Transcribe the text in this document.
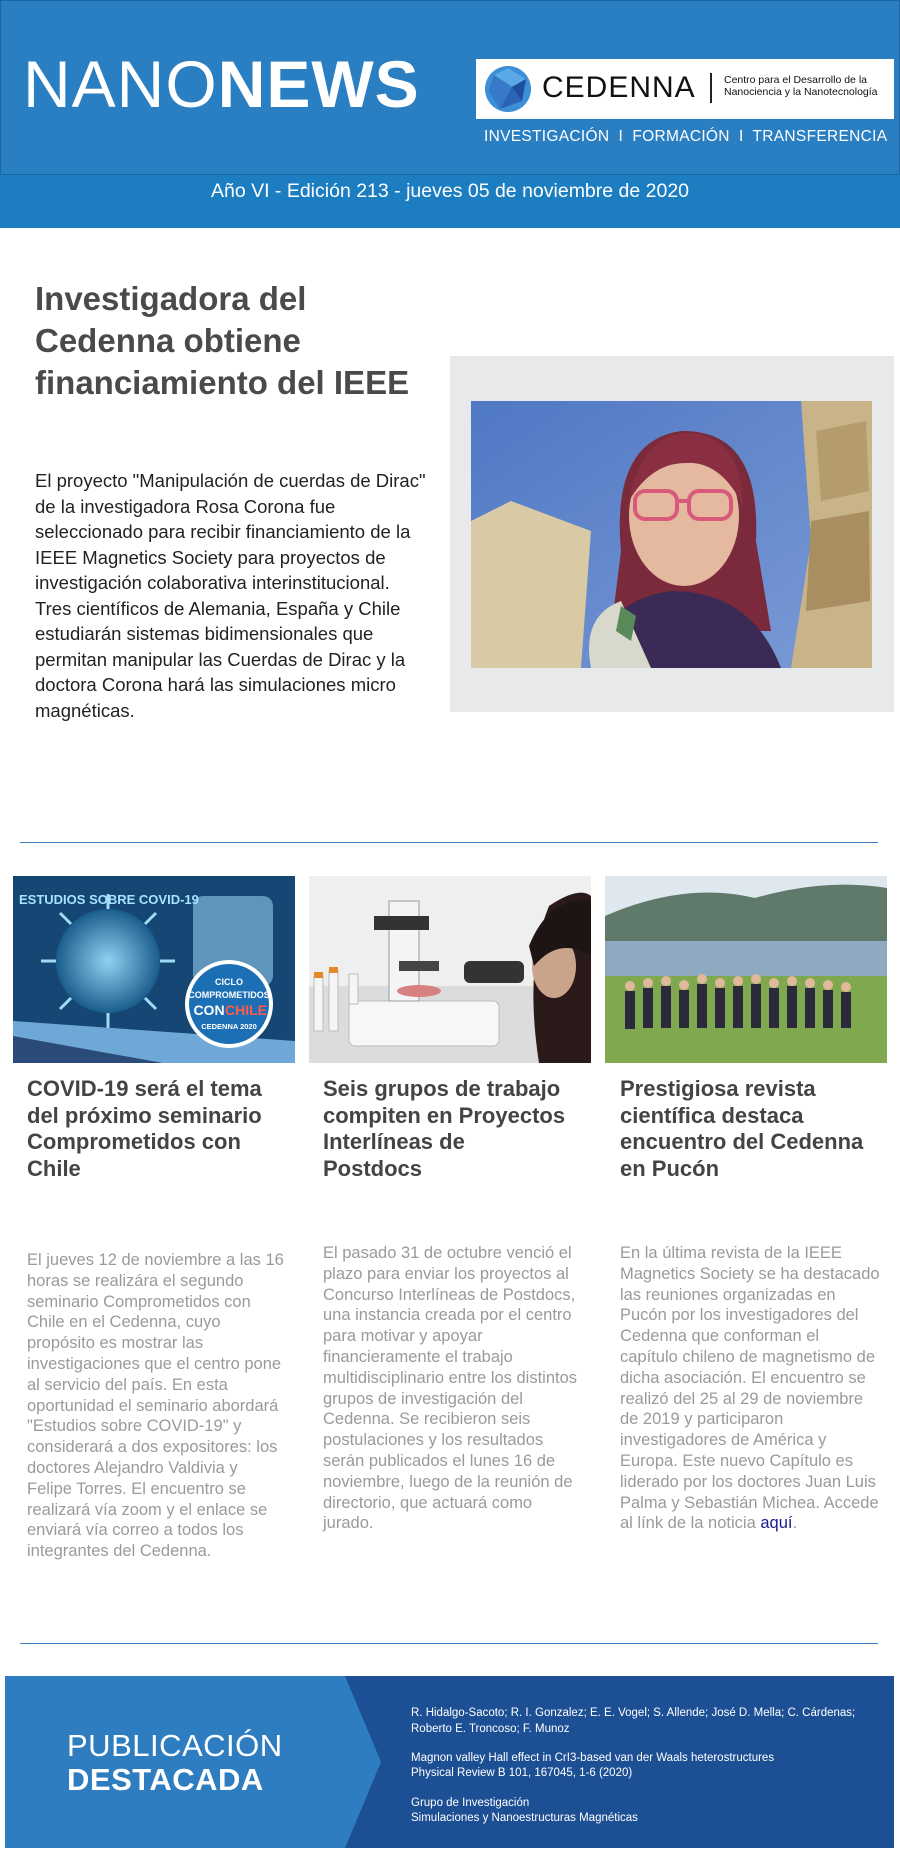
NANONEWS	CEDENNA	Centro para el Desarrollo de la Nanociencia y la Nanotecnología
INVESTIGACIÓN  I  FORMACIÓN  I  TRANSFERENCIA
Año VI - Edición 213 - jueves 05 de noviembre de 2020
Investigadora del Cedenna obtiene financiamiento del IEEE

El proyecto "Manipulación de cuerdas de Dirac" de la investigadora Rosa Corona fue seleccionado para recibir financiamiento de la IEEE Magnetics Society para proyectos de investigación colaborativa interinstitucional. Tres científicos de Alemania, España y Chile estudiarán sistemas bidimensionales que permitan manipular las Cuerdas de Dirac y la doctora Corona hará las simulaciones micro magnéticas.

ESTUDIOS SOBRE COVID-19
CICLO
COMPROMETIDOS
CON CHILE
CEDENNA 2020
COVID-19 será el tema del próximo seminario Comprometidos con Chile

El jueves 12 de noviembre a las 16 horas se realizára el segundo seminario Comprometidos con Chile en el Cedenna, cuyo propósito es mostrar las investigaciones que el centro pone al servicio del país. En esta oportunidad el seminario abordará "Estudios sobre COVID-19" y considerará a dos expositores: los doctores Alejandro Valdivia y Felipe Torres. El encuentro se realizará vía zoom y el enlace se enviará vía correo a todos los integrantes del Cedenna.

Seis grupos de trabajo compiten en Proyectos Interlíneas de Postdocs

El pasado 31 de octubre venció el plazo para enviar los proyectos al Concurso Interlíneas de Postdocs, una instancia creada por el centro para motivar y apoyar financieramente el trabajo multidisciplinario entre los distintos grupos de investigación del Cedenna. Se recibieron seis postulaciones y los resultados serán publicados el lunes 16 de noviembre, luego de la reunión de directorio, que actuará como jurado.

Prestigiosa revista científica destaca encuentro del Cedenna en Pucón

En la última revista de la IEEE Magnetics Society se ha destacado las reuniones organizadas en Pucón por los investigadores del Cedenna que conforman el capítulo chileno de magnetismo de dicha asociación. El encuentro se realizó del 25 al 29 de noviembre de 2019 y participaron investigadores de América y Europa. Este nuevo Capítulo es liderado por los doctores Juan Luis Palma y Sebastián Michea. Accede al línk de la noticia aquí.

PUBLICACIÓN
DESTACADA
R. Hidalgo-Sacoto; R. I. Gonzalez; E. E. Vogel; S. Allende; José D. Mella; C. Cárdenas; Roberto E. Troncoso; F. Munoz
Magnon valley Hall effect in CrI3-based van der Waals heterostructures
Physical Review B 101, 167045, 1-6 (2020)
Grupo de Investigación
Simulaciones y Nanoestructuras Magnéticas
